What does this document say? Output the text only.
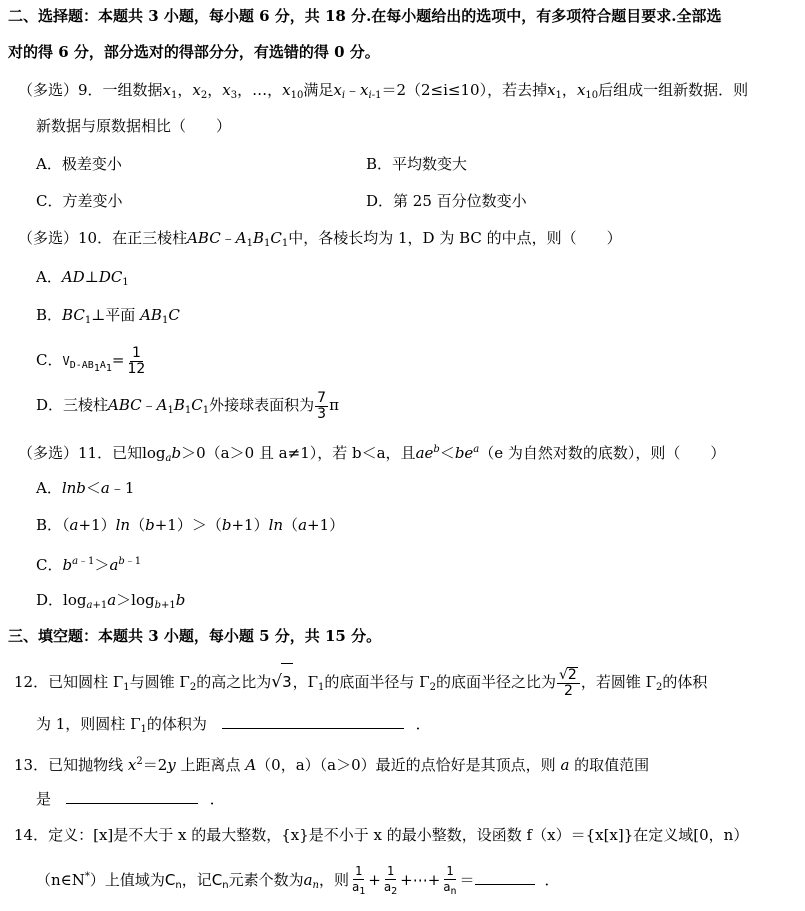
二、选择题：本题共 3 小题，每小题 6 分，共 18 分.在每小题给出的选项中，有多项符合题目要求.全部选
对的得 6 分，部分选对的得部分分，有选错的得 0 分。
（多选）9．一组数据$x_1$，$x_2$，$x_3$，…，$x_{10}$满足$x_i﹣x_{i-1}=2(2\le i\le 10)$，若去掉$x_1$，$x_{10}$后组成一组新数据．则
新数据与原数据相比（　　）
A．极差变小	B．平均数变大
C．方差变小	D．第 25 百分位数变小
（多选）10．在正三棱柱$ABC﹣A_1B_1C_1$中，各棱长均为 1，D 为 BC 的中点，则（　　）
A．$AD\perp DC_1$
B．$BC_1\perp$平面 $AB_1C$
C．$V_{D-AB_1A_1}= \frac{1}{12}$
D．三棱柱$ABC﹣A_1B_1C_1$外接球表面积为 $\frac{7}{3}$ π
（多选）11．已知$\log_ab>0(a>0$ 且 a≠1），若 b＜a，且$ae^b<be^a(e$ 为自然对数的底数），则（　　）
A．lnb＜a﹣1
B．（a+1）ln（b+1）＞（b+1）ln（a+1）
C．$b^{a﹣1}>a^{b﹣1}$
D．$\log_{a+1}a>\log_{b+1}b$
三、填空题：本题共 3 小题，每小题 5 分，共 15 分。
12．已知圆柱 $\Gamma_1$与圆锥 $\Gamma_2$的高之比为√3，$\Gamma_1$的底面半径与 $\Gamma_2$的底面半径之比为 $\frac{√2}{2}$ ，若圆锥 $\Gamma_2$的体积
为 1，则圆柱 $\Gamma_1$的体积为	．
13．已知抛物线 $x^2=2y$ 上距离点 A（0，a）（a＞0）最近的点恰好是其顶点，则 a 的取值范围
是	．
14．定义：[x]是不大于 x 的最大整数，{x}是不小于 x 的最小整数，设函数 f（x）＝{x[x]}在定义域[0，n）
（n∈N*）上值域为$C_n$，记$C_n$元素个数为$a_n$，则 $\frac{1}{a_1} + \frac{1}{a_2}$ +⋯+ $\frac{1}{a_n}$ ＝	．
